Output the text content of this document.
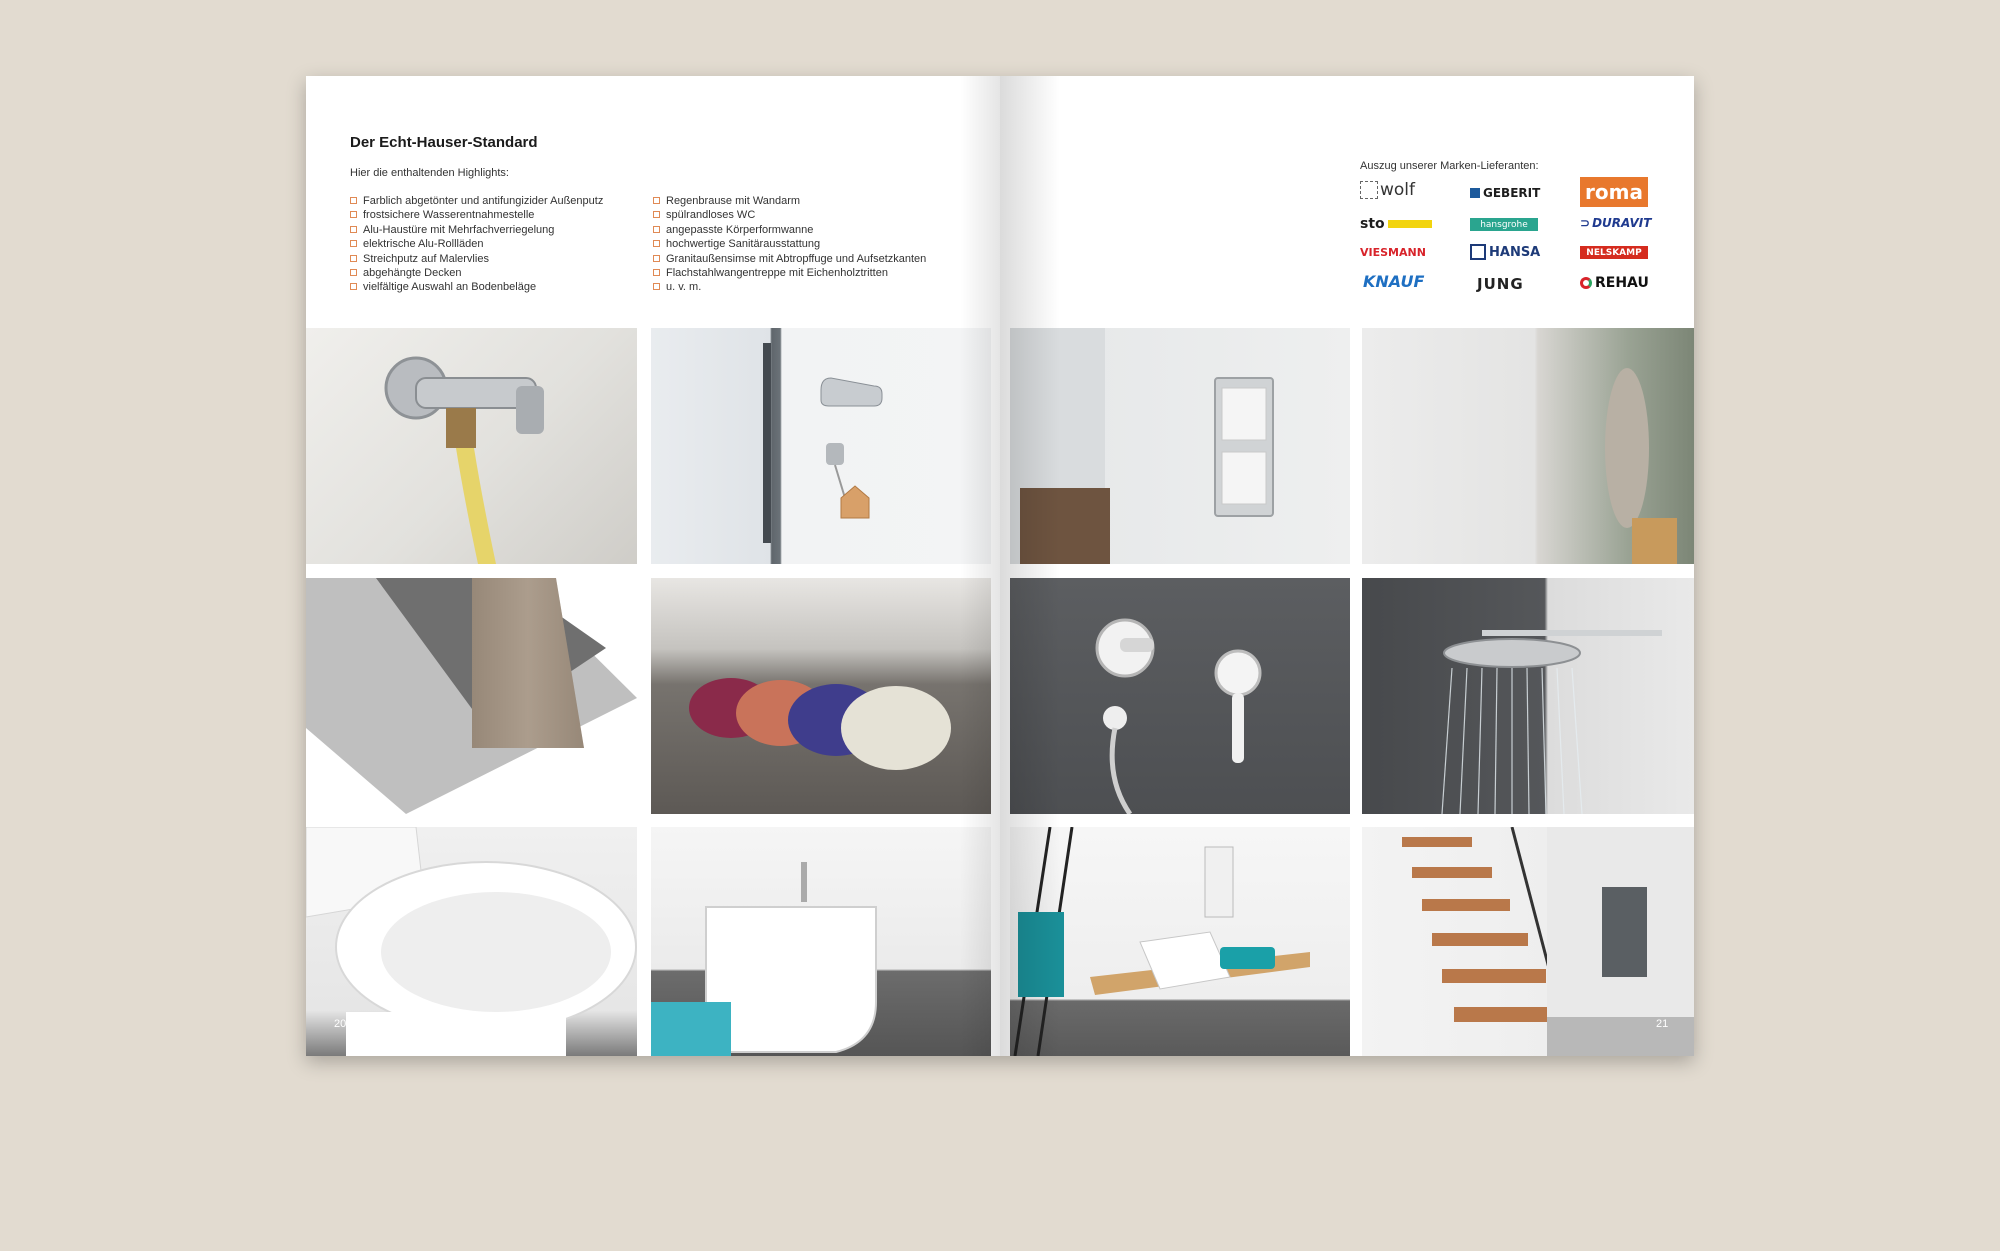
Der Echt-Hauser-Standard

Hier die enthaltenden Highlights:

Farblich abgetönter und antifungizider Außenputz
frostsichere Wasserentnahmestelle
Alu-Haustüre mit Mehrfachverriegelung
elektrische Alu-Rollläden
Streichputz auf Malervlies
abgehängte Decken
vielfältige Auswahl an Bodenbeläge
Regenbrause mit Wandarm
spülrandloses WC
angepasste Körperformwanne
hochwertige Sanitärausstattung
Granitaußensimse mit Abtropffuge und Aufsetzkanten
Flachstahlwangentreppe mit Eichenholztritten
u. v. m.
20
Auszug unserer Marken-Lieferanten:
wolf	GEBERIT roma
sto	hansgrohe	⊃ DURAVIT
VIESMANN	HANSA	NELSKAMP
KNAUF	JUNG	REHAU
21
